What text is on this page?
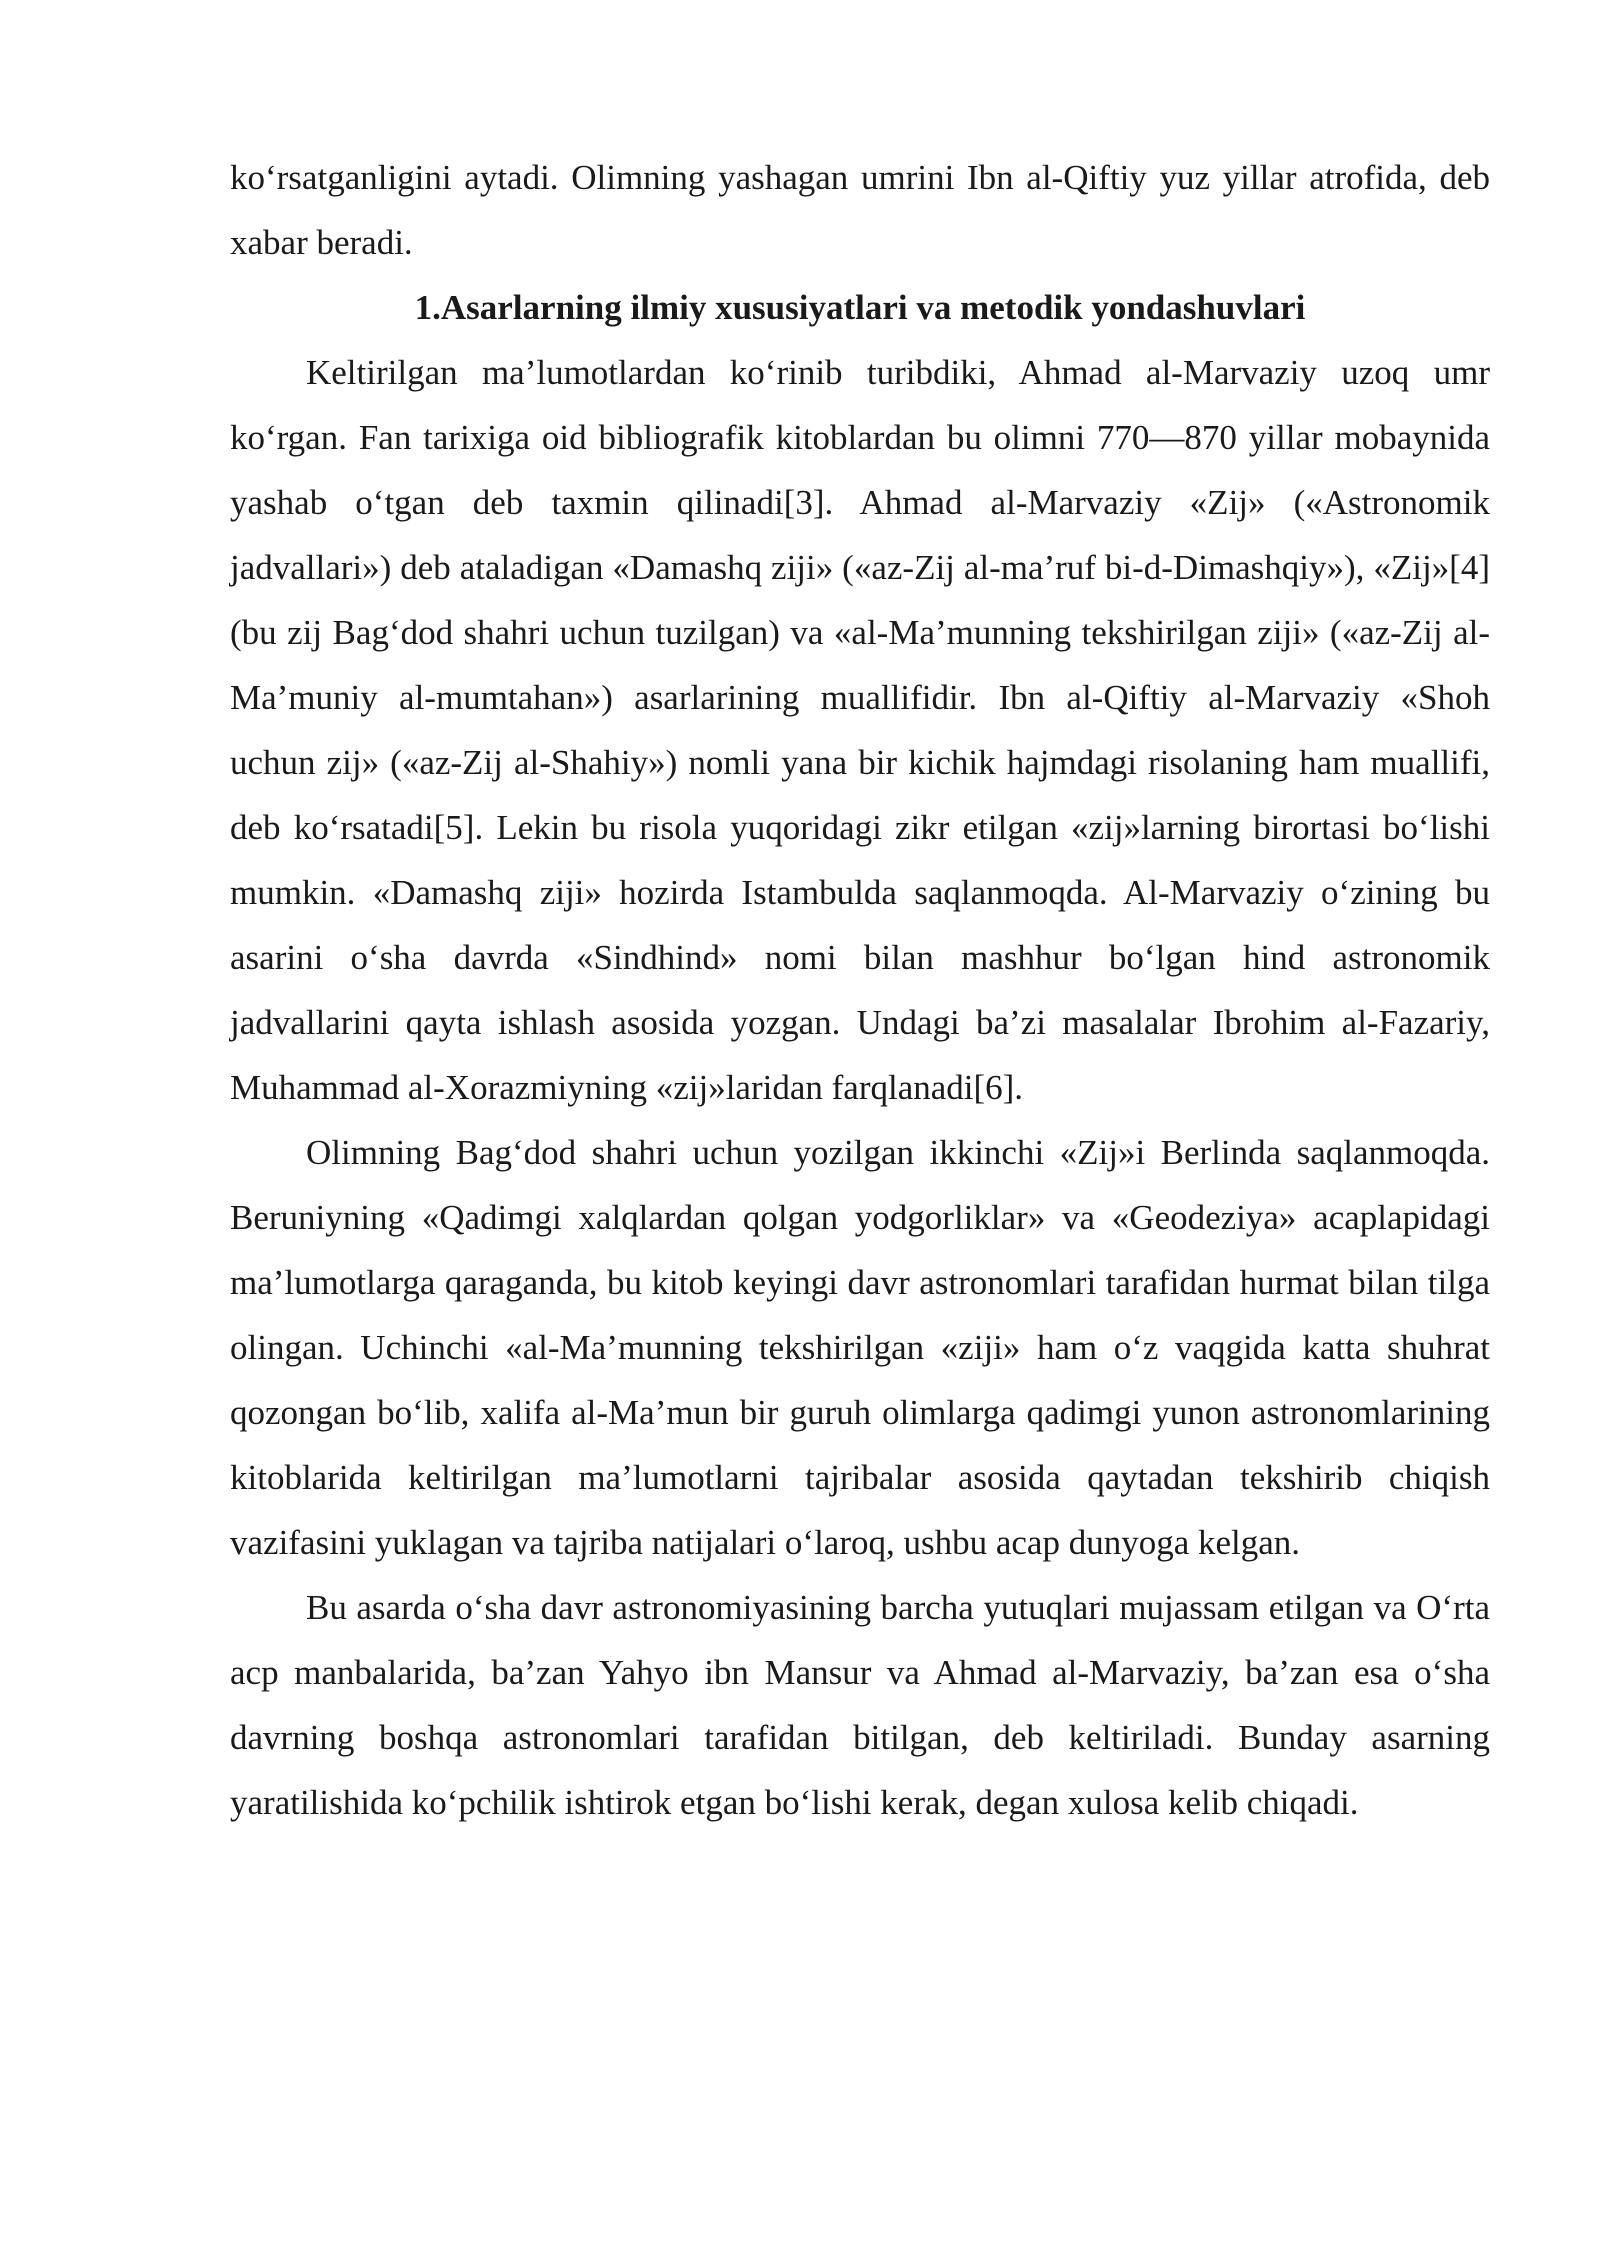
ko‘rsatganligini aytadi. Olimning yashagan umrini Ibn al-Qiftiy yuz yillar atrofida, deb xabar beradi.

1.Asarlarning ilmiy xususiyatlari va metodik yondashuvlari

Keltirilgan ma’lumotlardan ko‘rinib turibdiki, Ahmad al-Marvaziy uzoq umr ko‘rgan. Fan tarixiga oid bibliografik kitoblardan bu olimni 770—870 yillar mobaynida yashab o‘tgan deb taxmin qilinadi[3]. Ahmad al-Marvaziy «Zij» («Astronomik jadvallari») deb ataladigan «Damashq ziji» («az-Zij al-ma’ruf bi-d-Dimashqiy»), «Zij»[4] (bu zij Bag‘dod shahri uchun tuzilgan) va «al-Ma’munning tekshirilgan ziji» («az-Zij al-Ma’muniy al-mumtahan») asarlarining muallifidir. Ibn al-Qiftiy al-Marvaziy «Shoh uchun zij» («az-Zij al-Shahiy») nomli yana bir kichik hajmdagi risolaning ham muallifi, deb ko‘rsatadi[5]. Lekin bu risola yuqoridagi zikr etilgan «zij»larning birortasi bo‘lishi mumkin. «Damashq ziji» hozirda Istambulda saqlanmoqda. Al-Marvaziy o‘zining bu asarini o‘sha davrda «Sindhind» nomi bilan mashhur bo‘lgan hind astronomik jadvallarini qayta ishlash asosida yozgan. Undagi ba’zi masalalar Ibrohim al-Fazariy, Muhammad al-Xorazmiyning «zij»laridan farqlanadi[6].

Olimning Bag‘dod shahri uchun yozilgan ikkinchi «Zij»i Berlinda saqlanmoqda. Beruniyning «Qadimgi xalqlardan qolgan yodgorliklar» va «Geodeziya» acaplapidagi ma’lumotlarga qaraganda, bu kitob keyingi davr astronomlari tarafidan hurmat bilan tilga olingan. Uchinchi «al-Ma’munning tekshirilgan «ziji» ham o‘z vaqgida katta shuhrat qozongan bo‘lib, xalifa al-Ma’mun bir guruh olimlarga qadimgi yunon astronomlarining kitoblarida keltirilgan ma’lumotlarni tajribalar asosida qaytadan tekshirib chiqish vazifasini yuklagan va tajriba natijalari o‘laroq, ushbu acap dunyoga kelgan.

Bu asarda o‘sha davr astronomiyasining barcha yutuqlari mujassam etilgan va O‘rta acp manbalarida, ba’zan Yahyo ibn Mansur va Ahmad al-Marvaziy, ba’zan esa o‘sha davrning boshqa astronomlari tarafidan bitilgan, deb keltiriladi. Bunday asarning yaratilishida ko‘pchilik ishtirok etgan bo‘lishi kerak, degan xulosa kelib chiqadi.
